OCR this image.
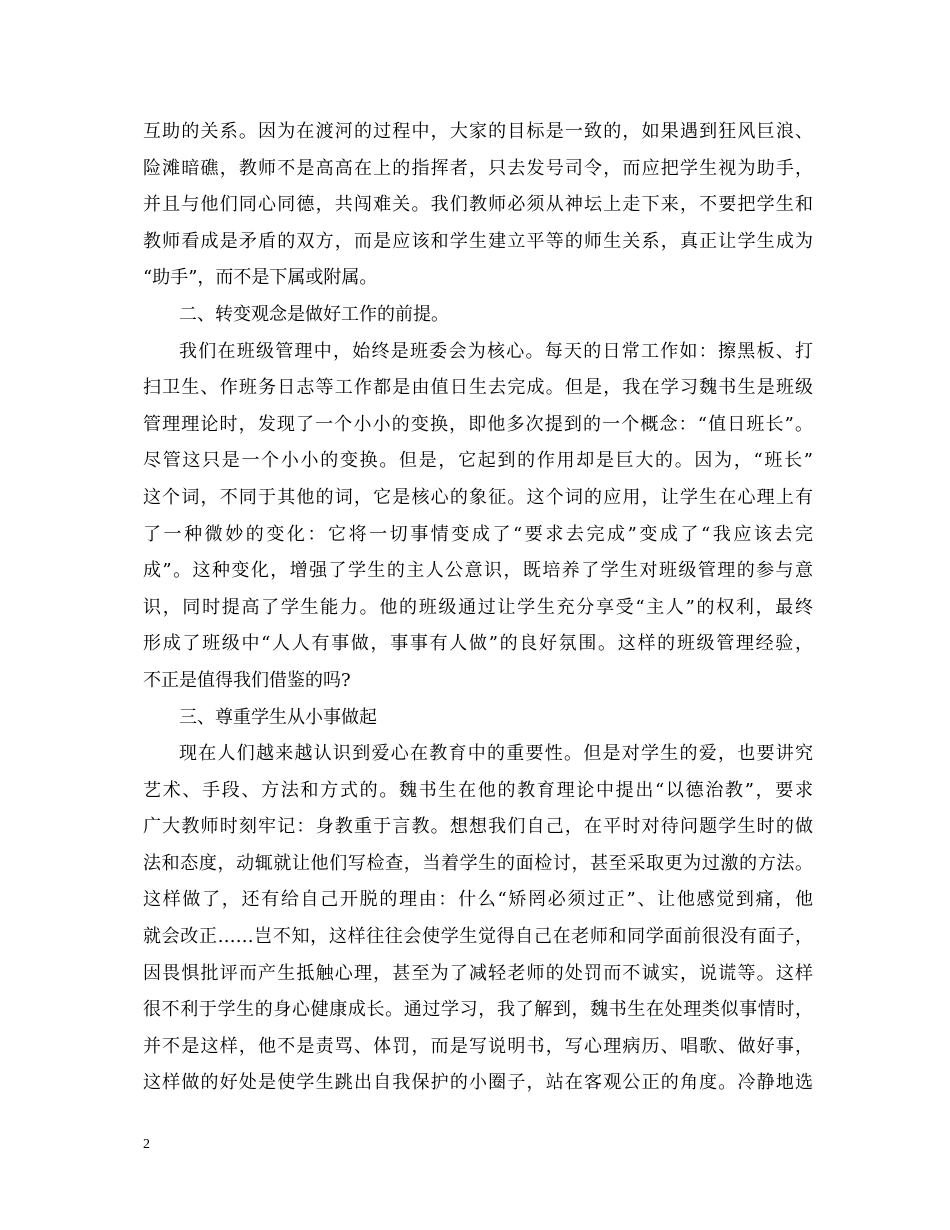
互助的关系。因为在渡河的过程中，大家的目标是一致的，如果遇到狂风巨浪、
险滩暗礁，教师不是高高在上的指挥者，只去发号司令，而应把学生视为助手，
并且与他们同心同德，共闯难关。我们教师必须从神坛上走下来，不要把学生和
教师看成是矛盾的双方，而是应该和学生建立平等的师生关系，真正让学生成为
“助手”，而不是下属或附属。
二、转变观念是做好工作的前提。
我们在班级管理中，始终是班委会为核心。每天的日常工作如：擦黑板、打
扫卫生、作班务日志等工作都是由值日生去完成。但是，我在学习魏书生是班级
管理理论时，发现了一个小小的变换，即他多次提到的一个概念：“值日班长”。
尽管这只是一个小小的变换。但是，它起到的作用却是巨大的。因为，“班长”
这个词，不同于其他的词，它是核心的象征。这个词的应用，让学生在心理上有
了一种微妙的变化：它将一切事情变成了“要求去完成”变成了“我应该去完
成”。这种变化，增强了学生的主人公意识，既培养了学生对班级管理的参与意
识，同时提高了学生能力。他的班级通过让学生充分享受“主人”的权利，最终
形成了班级中“人人有事做，事事有人做”的良好氛围。这样的班级管理经验，
不正是值得我们借鉴的吗?
三、尊重学生从小事做起
现在人们越来越认识到爱心在教育中的重要性。但是对学生的爱，也要讲究
艺术、手段、方法和方式的。魏书生在他的教育理论中提出“以德治教”，要求
广大教师时刻牢记：身教重于言教。想想我们自己，在平时对待问题学生时的做
法和态度，动辄就让他们写检查，当着学生的面检讨，甚至采取更为过激的方法。
这样做了，还有给自己开脱的理由：什么“矫罔必须过正”、让他感觉到痛，他
就会改正……岂不知，这样往往会使学生觉得自己在老师和同学面前很没有面子，
因畏惧批评而产生抵触心理，甚至为了减轻老师的处罚而不诚实，说谎等。这样
很不利于学生的身心健康成长。通过学习，我了解到，魏书生在处理类似事情时，
并不是这样，他不是责骂、体罚，而是写说明书，写心理病历、唱歌、做好事，
这样做的好处是使学生跳出自我保护的小圈子，站在客观公正的角度。冷静地选
2
